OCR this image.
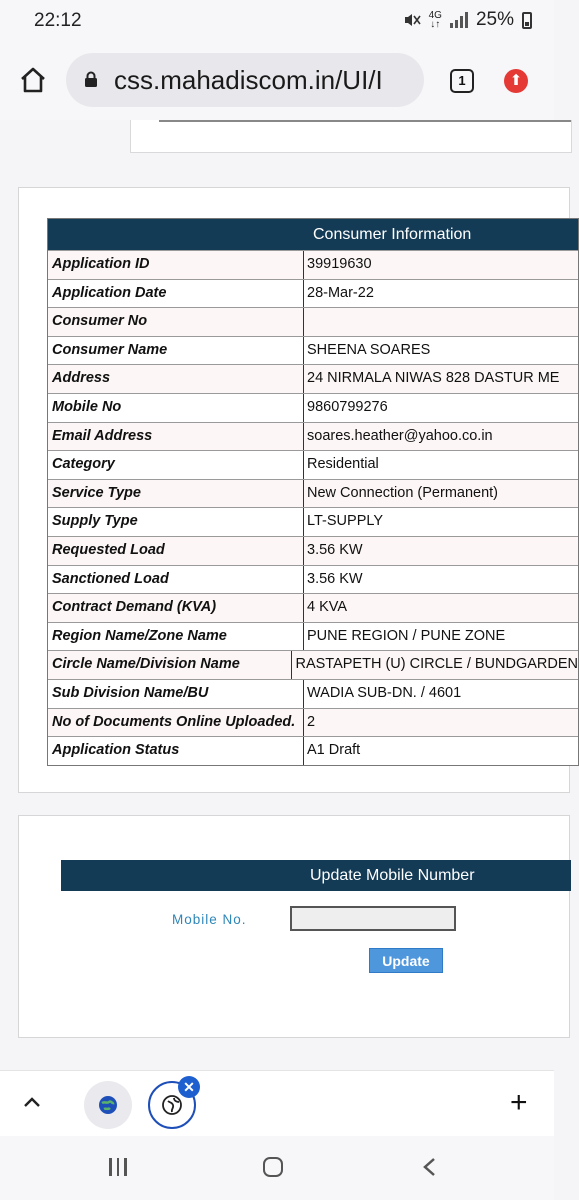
22:12	4G
↓↑ 25%
css.mahadiscom.in/UI/I	1	⬆
Consumer Information
Application ID	39919630
Application Date	28-Mar-22
Consumer No
Consumer Name	SHEENA SOARES
Address	24 NIRMALA NIWAS 828 DASTUR ME
Mobile No	9860799276
Email Address	soares.heather@yahoo.co.in
Category	Residential
Service Type	New Connection (Permanent)
Supply Type	LT-SUPPLY
Requested Load	3.56 KW
Sanctioned Load	3.56 KW
Contract Demand (KVA)	4 KVA
Region Name/Zone Name	PUNE REGION / PUNE ZONE
Circle Name/Division Name	RASTAPETH (U) CIRCLE / BUNDGARDEN
Sub Division Name/BU	WADIA SUB-DN. / 4601
No of Documents Online Uploaded. 2
Application Status	A1 Draft
Update Mobile Number
Mobile No.
Update
✕	+
